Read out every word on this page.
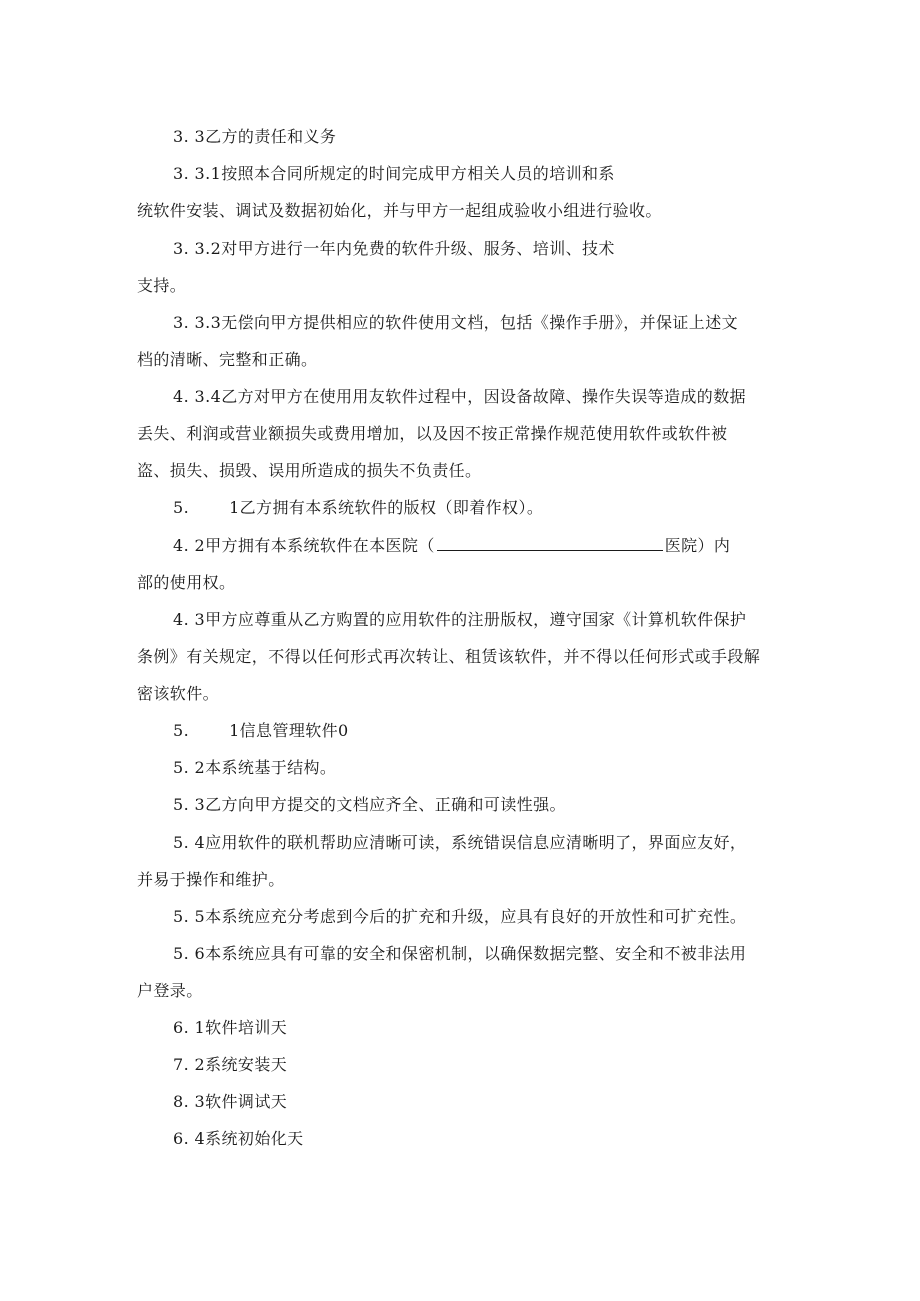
3. 3乙方的责任和义务
3. 3.1按照本合同所规定的时间完成甲方相关人员的培训和系
统软件安装、调试及数据初始化，并与甲方一起组成验收小组进行验收。
3. 3.2对甲方进行一年内免费的软件升级、服务、培训、技术
支持。
3. 3.3无偿向甲方提供相应的软件使用文档，包括《操作手册》，并保证上述文
档的清晰、完整和正确。
4. 3.4乙方对甲方在使用用友软件过程中，因设备故障、操作失误等造成的数据
丢失、利润或营业额损失或费用增加，以及因不按正常操作规范使用软件或软件被
盗、损失、损毁、误用所造成的损失不负责任。
5.	1乙方拥有本系统软件的版权（即着作权）。
4. 2甲方拥有本系统软件在本医院（	医院）内
部的使用权。
4. 3甲方应尊重从乙方购置的应用软件的注册版权，遵守国家《计算机软件保护
条例》有关规定，不得以任何形式再次转让、租赁该软件，并不得以任何形式或手段解
密该软件。
5.	1信息管理软件0
5. 2本系统基于结构。
5. 3乙方向甲方提交的文档应齐全、正确和可读性强。
5. 4应用软件的联机帮助应清晰可读，系统错误信息应清晰明了，界面应友好，
并易于操作和维护。
5. 5本系统应充分考虑到今后的扩充和升级，应具有良好的开放性和可扩充性。
5. 6本系统应具有可靠的安全和保密机制，以确保数据完整、安全和不被非法用
户登录。
6. 1软件培训天
7. 2系统安装天
8. 3软件调试天
6. 4系统初始化天
